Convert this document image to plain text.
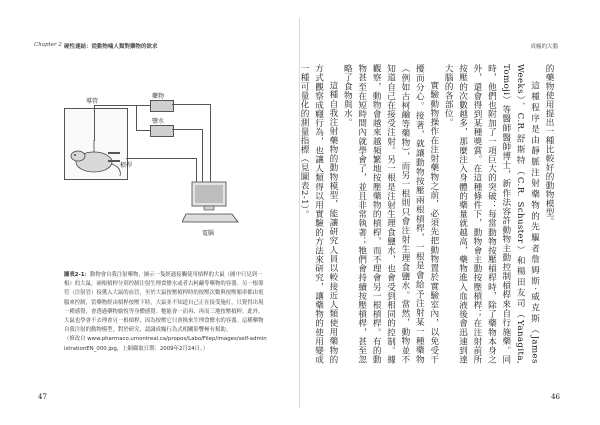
Chapter 2 硬性連結：從動物嗑人類對藥物的欲求
槓桿
導管
藥物
鹽水
電腦

圖表2-1：動物會自我注射藥物，圖示一隻經過接觸使用槓桿的大鼠（圖中只見到一根）的大鼠，兩根槓桿分別控制注射生理食鹽水或者古柯鹼等藥物的容器。另一根導管（注射管）接獲入大鼠的血管，至於大鼠按壓槓桿時的按壓次數與按壓頻率都由電腦來控制，當藥物經由槓桿按壓下時，大鼠並不知道自己正在接受施打，只覺得出現一種感覺，會透過藥物愉悅等身體感覺。牠能會一而再、再而三地按壓槓桿。此外，大鼠也學會不去理會另一根槓桿，因為按壓它只會換來生理食鹽水的容器。這種藥物自我注射的動物模型，對於研究、認識成癮行為式相關影響極有幫助。

（修改自 www.pharmaco.umontreal.ca/propos/Labo/Filep/images/self-administrationEN_000.jpg，上網擷取日期：2009年2月24日。）

47
成癮的大腦

的藥物使用提出一種比較好的動物模型。

這種程序是由靜脈注射藥物的先驅者詹姆斯‧威克斯（James Weeks）、C.R.舒斯特（C.R. Schuster）和楊田友司（Yanagita, Tomoji）等醫師醫師博士，新作法容許動物主動控制槓桿來自行施藥。同時，他們也附加了一項巨大的突破：每當動物按壓槓桿時，除了藥物本身之外，還會得到某種獎賞。在這種條件下，動物會主動按壓槓桿；在注射前所按壓的次數越多，那麼注入身體的藥量就越高，藥物進入血液後會迅速到達大腦的各部位。

實驗動物操作在注射藥物之前，必須先把動物置於實驗室內，以免受干擾而分心。接著，就讓動物按壓兩根槓桿，一根是會給予注射某一種藥物（例如古柯鹼等藥物），而另一根則只會注射生理食鹽水。當然，動物並不知道自己在接受注射。另一根是注射生理食鹽水，也會受到相同的控制。據觀察，動物會越來越頻繁地按壓藥物的槓桿，而不理會另一根槓桿。有的動物甚至在短時間內就學會了，並且非常執著；牠們會持續按壓槓桿，甚至忽略了食物與水。

這種自我注射藥物的動物模型，能讓研究人員以較接近人類使用藥物的方式觀察成癮行為，也讓人類得以用實驗的方法來研究，讓藥物的使用變成一種可量化的測量指標（見圖表2-1）。

46
